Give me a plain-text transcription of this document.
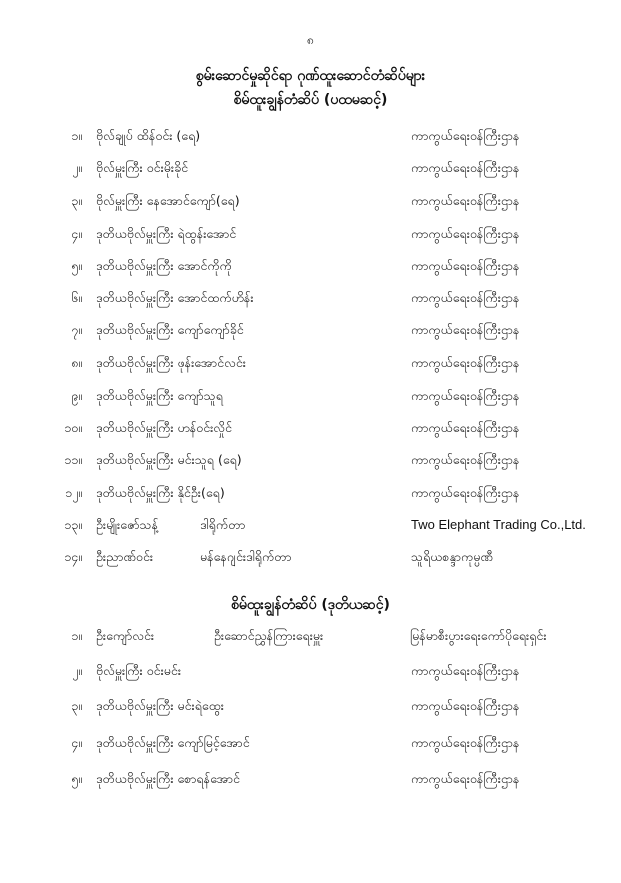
၈
စွမ်းဆောင်မှုဆိုင်ရာ ဂုဏ်ထူးဆောင်တံဆိပ်များ
စိမ်ထူးချွန်တံဆိပ် (ပထမဆင့်)
၁။ ဗိုလ်ချုပ် ထိန်ဝင်း (ရေ)	ကာကွယ်ရေးဝန်ကြီးဌာန
၂။ ဗိုလ်မှူးကြီး ဝင်းမိုးခိုင်	ကာကွယ်ရေးဝန်ကြီးဌာန
၃။ ဗိုလ်မှူးကြီး နေအောင်ကျော်(ရေ)	ကာကွယ်ရေးဝန်ကြီးဌာန
၄။ ဒုတိယဗိုလ်မှူးကြီး ရဲထွန်းအောင်	ကာကွယ်ရေးဝန်ကြီးဌာန
၅။ ဒုတိယဗိုလ်မှူးကြီး အောင်ကိုကို	ကာကွယ်ရေးဝန်ကြီးဌာန
၆။ ဒုတိယဗိုလ်မှူးကြီး အောင်ထက်ဟိန်း	ကာကွယ်ရေးဝန်ကြီးဌာန
၇။ ဒုတိယဗိုလ်မှူးကြီး ကျော်ကျော်ခိုင်	ကာကွယ်ရေးဝန်ကြီးဌာန
၈။ ဒုတိယဗိုလ်မှူးကြီး ဖုန်းအောင်လင်း	ကာကွယ်ရေးဝန်ကြီးဌာန
၉။ ဒုတိယဗိုလ်မှူးကြီး ကျော်သူရ	ကာကွယ်ရေးဝန်ကြီးဌာန
၁၀။ ဒုတိယဗိုလ်မှူးကြီး ဟန်ဝင်းလှိုင်	ကာကွယ်ရေးဝန်ကြီးဌာန
၁၁။ ဒုတိယဗိုလ်မှူးကြီး မင်းသူရ (ရေ)	ကာကွယ်ရေးဝန်ကြီးဌာန
၁၂။ ဒုတိယဗိုလ်မှူးကြီး နိုင်ဦး(ရေ)	ကာကွယ်ရေးဝန်ကြီးဌာန
၁၃။ ဦးမျိုးဇော်သန့်	ဒါရိုက်တာ	Two Elephant Trading Co.,Ltd.
၁၄။ ဦးညာဏ်ဝင်း	မန်နေဂျင်းဒါရိုက်တာ	သူရိယစန္ဒာကုမ္ပဏီ
စိမ်ထူးချွန်တံဆိပ် (ဒုတိယဆင့်)
၁။ ဦးကျော်လင်း	ဦးဆောင်ညွှန်ကြားရေးမှူး	မြန်မာစီးပွားရေးကော်ပိုရေးရှင်း
၂။ ဗိုလ်မှူးကြီး ဝင်းမင်း	ကာကွယ်ရေးဝန်ကြီးဌာန
၃။ ဒုတိယဗိုလ်မှူးကြီး မင်းရဲထွေး	ကာကွယ်ရေးဝန်ကြီးဌာန
၄။ ဒုတိယဗိုလ်မှူးကြီး ကျော်မြင့်အောင်	ကာကွယ်ရေးဝန်ကြီးဌာန
၅။ ဒုတိယဗိုလ်မှူးကြီး စောရန်အောင်	ကာကွယ်ရေးဝန်ကြီးဌာန
